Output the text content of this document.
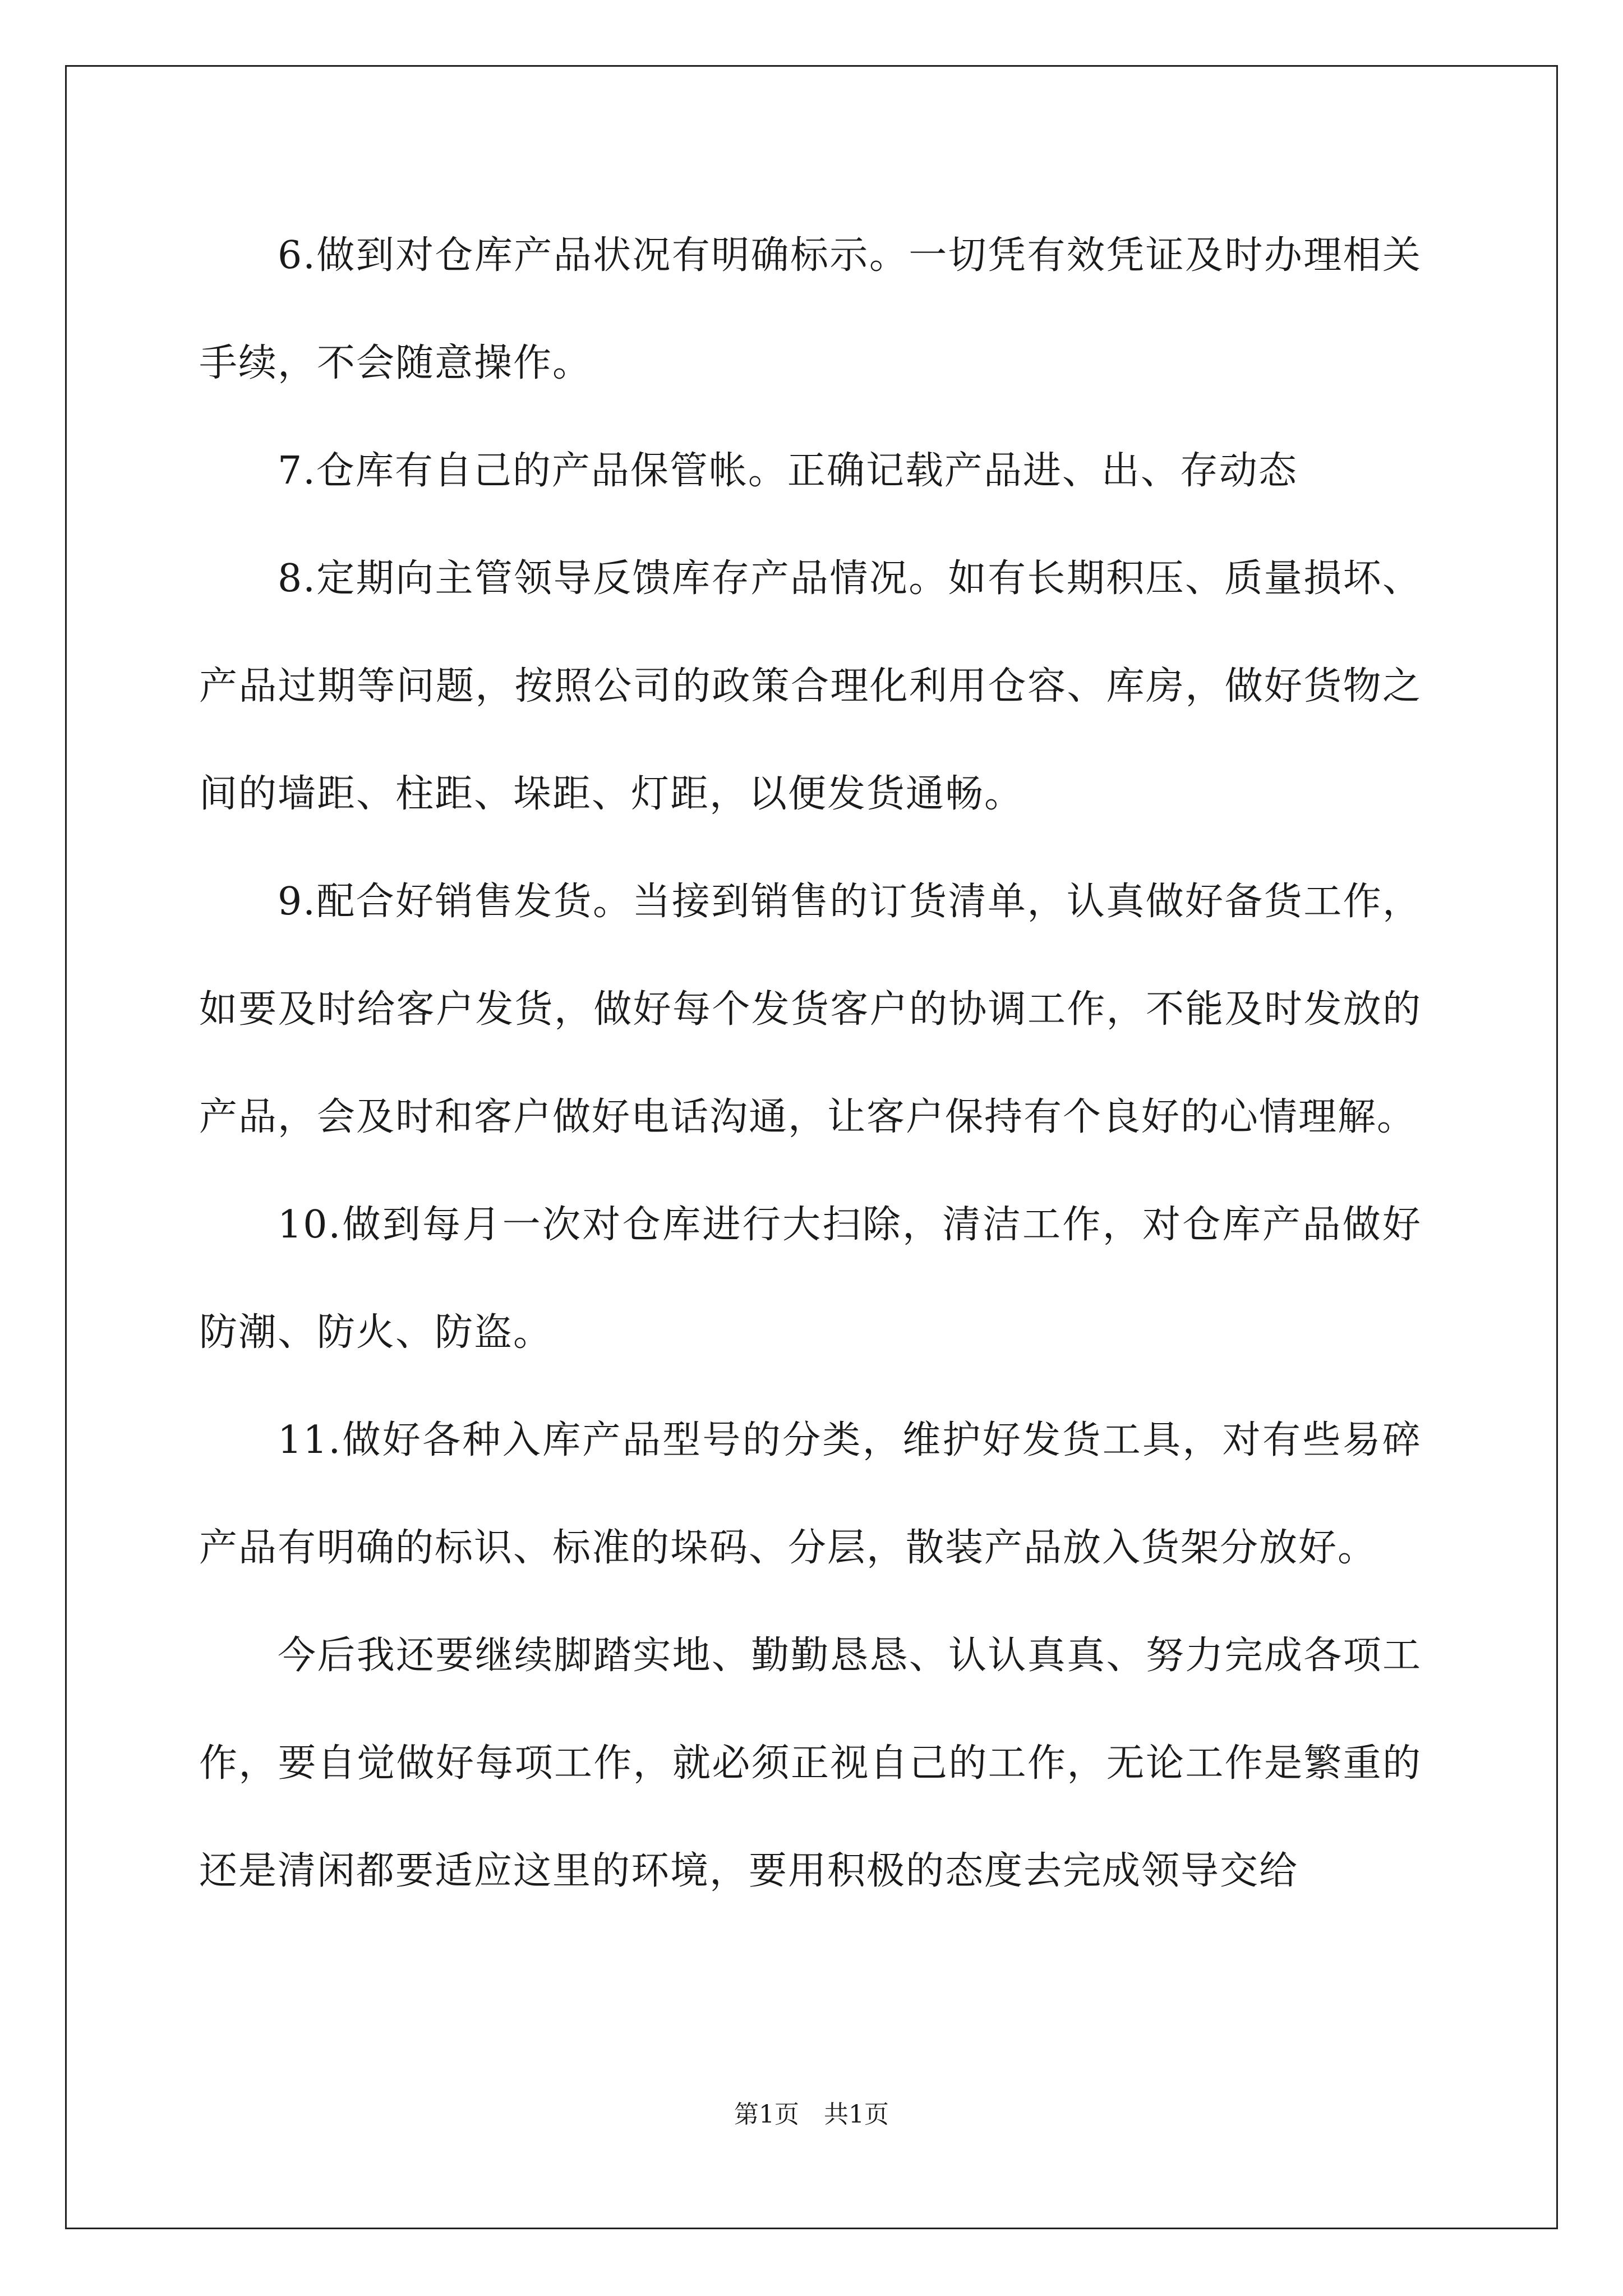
6.做到对仓库产品状况有明确标示。一切凭有效凭证及时办理相关手续，不会随意操作。

7.仓库有自己的产品保管帐。正确记载产品进、出、存动态

8.定期向主管领导反馈库存产品情况。如有长期积压、质量损坏、产品过期等问题，按照公司的政策合理化利用仓容、库房，做好货物之间的墙距、柱距、垛距、灯距，以便发货通畅。

9.配合好销售发货。当接到销售的订货清单，认真做好备货工作，如要及时给客户发货，做好每个发货客户的协调工作，不能及时发放的产品，会及时和客户做好电话沟通，让客户保持有个良好的心情理解。

10.做到每月一次对仓库进行大扫除，清洁工作，对仓库产品做好防潮、防火、防盗。

11.做好各种入库产品型号的分类，维护好发货工具，对有些易碎产品有明确的标识、标准的垛码、分层，散装产品放入货架分放好。

今后我还要继续脚踏实地、勤勤恳恳、认认真真、努力完成各项工作，要自觉做好每项工作，就必须正视自己的工作，无论工作是繁重的还是清闲都要适应这里的环境，要用积极的态度去完成领导交给

第1页　共1页
